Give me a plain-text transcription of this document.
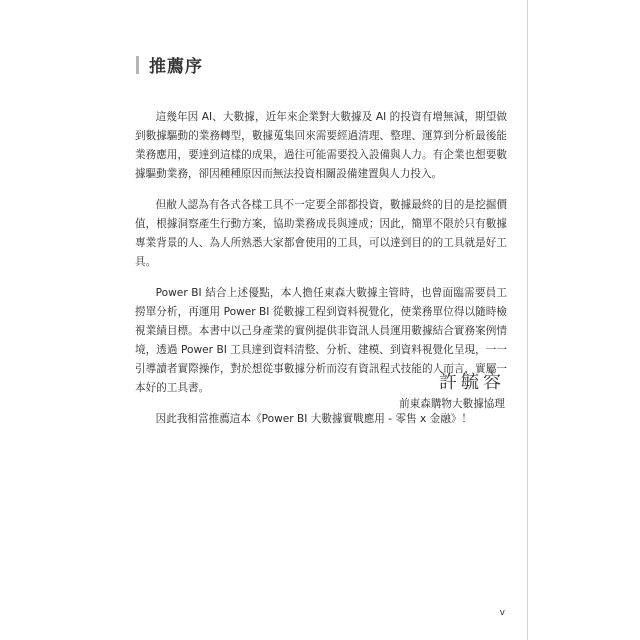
推薦序

這幾年因 AI、大數據，近年來企業對大數據及 AI 的投資有增無減，期望做到數據驅動的業務轉型，數據蒐集回來需要經過清理、整理、運算到分析最後能業務應用，要達到這樣的成果，過往可能需要投入設備與人力。有企業也想要數據驅動業務，卻因種種原因而無法投資相關設備建置與人力投入。

但敝人認為有各式各樣工具不一定要全部都投資，數據最終的目的是挖掘價值，根據洞察產生行動方案，協助業務成長與達成；因此，簡單不限於只有數據專業背景的人、為人所熟悉大家都會使用的工具，可以達到目的的工具就是好工具。

Power BI 結合上述優點，本人擔任東森大數據主管時，也曾面臨需要員工撈單分析，再運用 Power BI 從數據工程到資料視覺化，使業務單位得以隨時檢視業績目標。本書中以己身產業的實例提供非資訊人員運用數據結合實務案例情境，透過 Power BI 工具達到資料清整、分析、建模、到資料視覺化呈現，一一引導讀者實際操作，對於想從事數據分析而沒有資訊程式技能的人而言，實屬一本好的工具書。

因此我相當推薦這本《Power BI 大數據實戰應用 - 零售 x 金融》！

許毓容
前東森購物大數據協理
v
